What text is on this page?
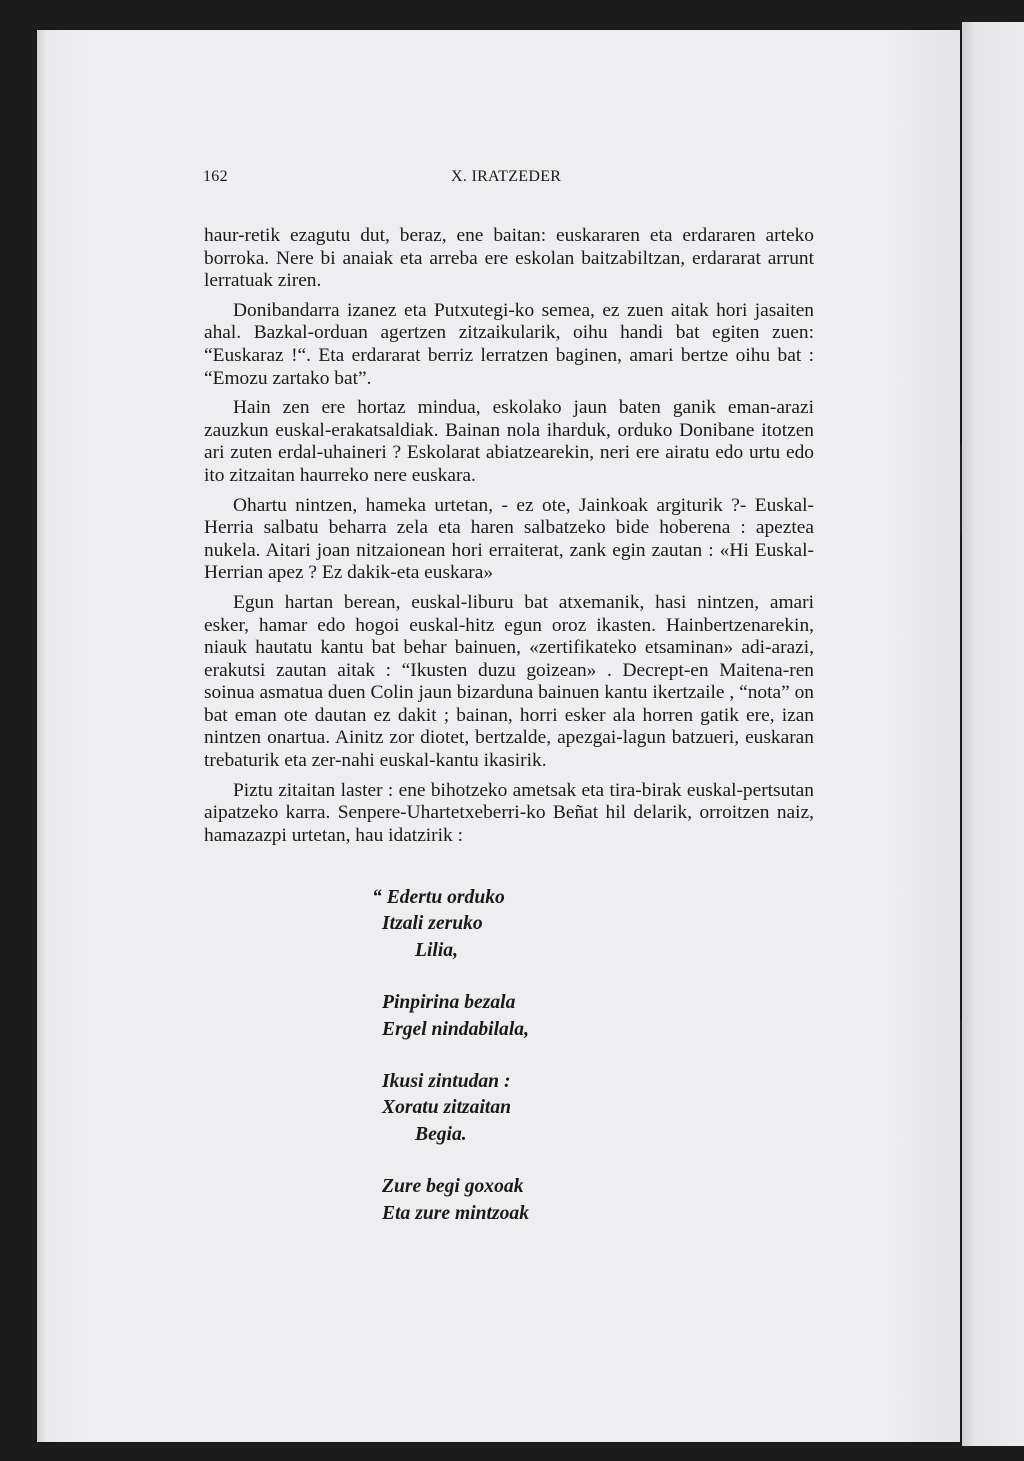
162	X. IRATZEDER

haur-retik ezagutu dut, beraz, ene baitan: euskararen eta erdararen arteko borroka. Nere bi anaiak eta arreba ere eskolan baitzabiltzan, erdararat arrunt lerratuak ziren.

Donibandarra izanez eta Putxutegi-ko semea, ez zuen aitak hori jasaiten ahal. Bazkal-orduan agertzen zitzaikularik, oihu handi bat egiten zuen: “Euskaraz !“. Eta erdararat berriz lerratzen baginen, amari bertze oihu bat : “Emozu zartako bat”.

Hain zen ere hortaz mindua, eskolako jaun baten ganik eman-arazi zauzkun euskal-erakatsaldiak. Bainan nola iharduk, orduko Donibane itotzen ari zuten erdal-uhaineri ? Eskolarat abiatzearekin, neri ere airatu edo urtu edo ito zitzaitan haurreko nere euskara.

Ohartu nintzen, hameka urtetan, - ez ote, Jainkoak argiturik ?- Euskal-Herria salbatu beharra zela eta haren salbatzeko bide hoberena : apeztea nukela. Aitari joan nitzaionean hori erraiterat, zank egin zautan : «Hi Euskal-Herrian apez ? Ez dakik-eta euskara»

Egun hartan berean, euskal-liburu bat atxemanik, hasi nintzen, amari esker, hamar edo hogoi euskal-hitz egun oroz ikasten. Hainbertzenarekin, niauk hautatu kantu bat behar bainuen, «zertifikateko etsaminan» adi-arazi, erakutsi zautan aitak : “Ikusten duzu goizean» . Decrept-en Maitena-ren soinua asmatua duen Colin jaun bizarduna bainuen kantu ikertzaile , “nota” on bat eman ote dautan ez dakit ; bainan, horri esker ala horren gatik ere, izan nintzen onartua. Ainitz zor diotet, bertzalde, apezgai-lagun batzueri, euskaran trebaturik eta zer-nahi euskal-kantu ikasirik.

Piztu zitaitan laster : ene bihotzeko ametsak eta tira-birak euskal-pertsutan aipatzeko karra. Senpere-Uhartetxeberri-ko Beñat hil delarik, orroitzen naiz, hamazazpi urtetan, hau idatzirik :

“ Edertu orduko
Itzali zeruko
Lilia,
Pinpirina bezala
Ergel nindabilala,
Ikusi zintudan :
Xoratu zitzaitan
Begia.
Zure begi goxoak
Eta zure mintzoak
